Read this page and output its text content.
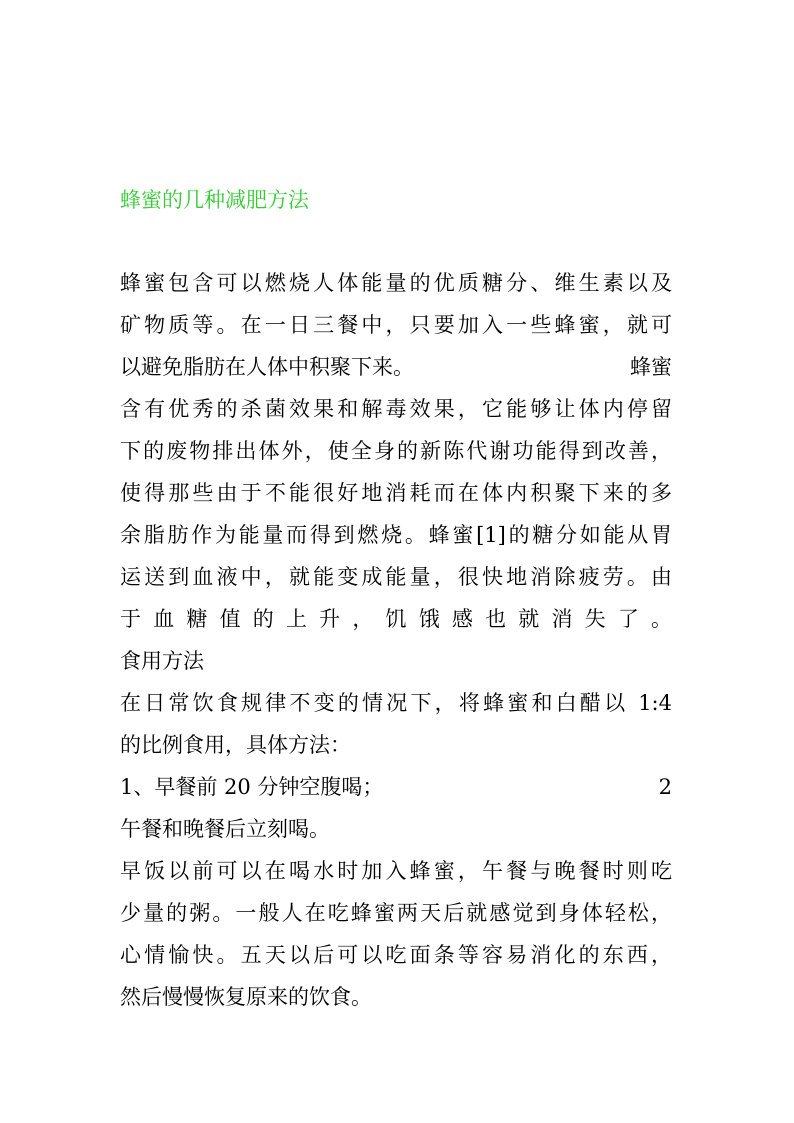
蜂蜜的几种减肥方法
蜂蜜包含可以燃烧人体能量的优质糖分、维生素以及
矿物质等。在一日三餐中，只要加入一些蜂蜜，就可
以避免脂肪在人体中积聚下来。	蜂蜜
含有优秀的杀菌效果和解毒效果，它能够让体内停留
下的废物排出体外，使全身的新陈代谢功能得到改善，
使得那些由于不能很好地消耗而在体内积聚下来的多
余脂肪作为能量而得到燃烧。蜂蜜[1]的糖分如能从胃
运送到血液中，就能变成能量，很快地消除疲劳。由
于 血 糖 值 的 上 升 ， 饥 饿 感 也 就 消 失 了 。
食用方法
在日常饮食规律不变的情况下，将蜂蜜和白醋以 1:4
的比例食用，具体方法：
1、早餐前 20 分钟空腹喝；	2
午餐和晚餐后立刻喝。
早饭以前可以在喝水时加入蜂蜜，午餐与晚餐时则吃
少量的粥。一般人在吃蜂蜜两天后就感觉到身体轻松，
心情愉快。五天以后可以吃面条等容易消化的东西，
然后慢慢恢复原来的饮食。
